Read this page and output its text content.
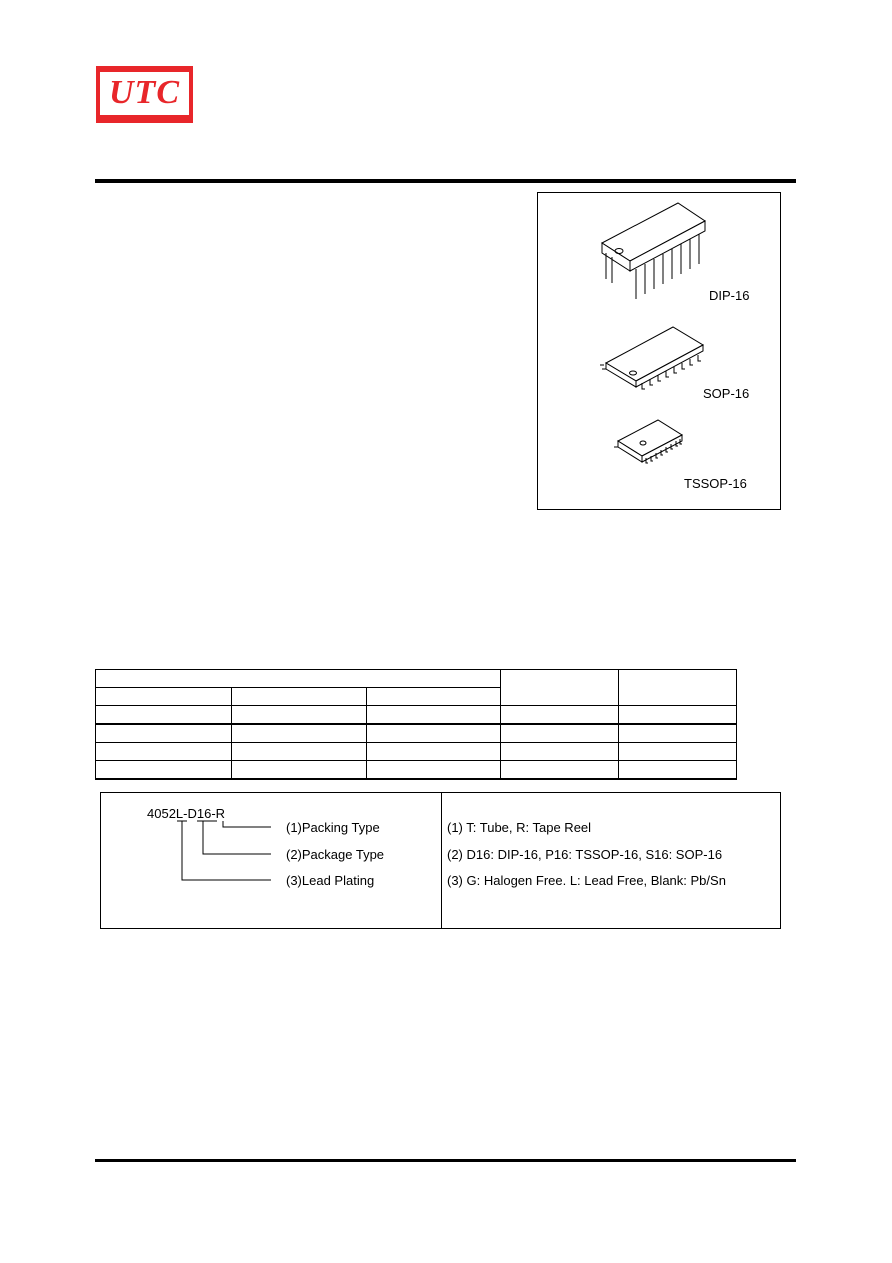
UTC
DIP-16
SOP-16
TSSOP-16

4052L-D16-R
(1)Packing Type
(2)Package Type
(3)Lead Plating
(1) T: Tube, R: Tape Reel
(2) D16: DIP-16, P16: TSSOP-16, S16: SOP-16
(3) G: Halogen Free. L: Lead Free, Blank: Pb/Sn
